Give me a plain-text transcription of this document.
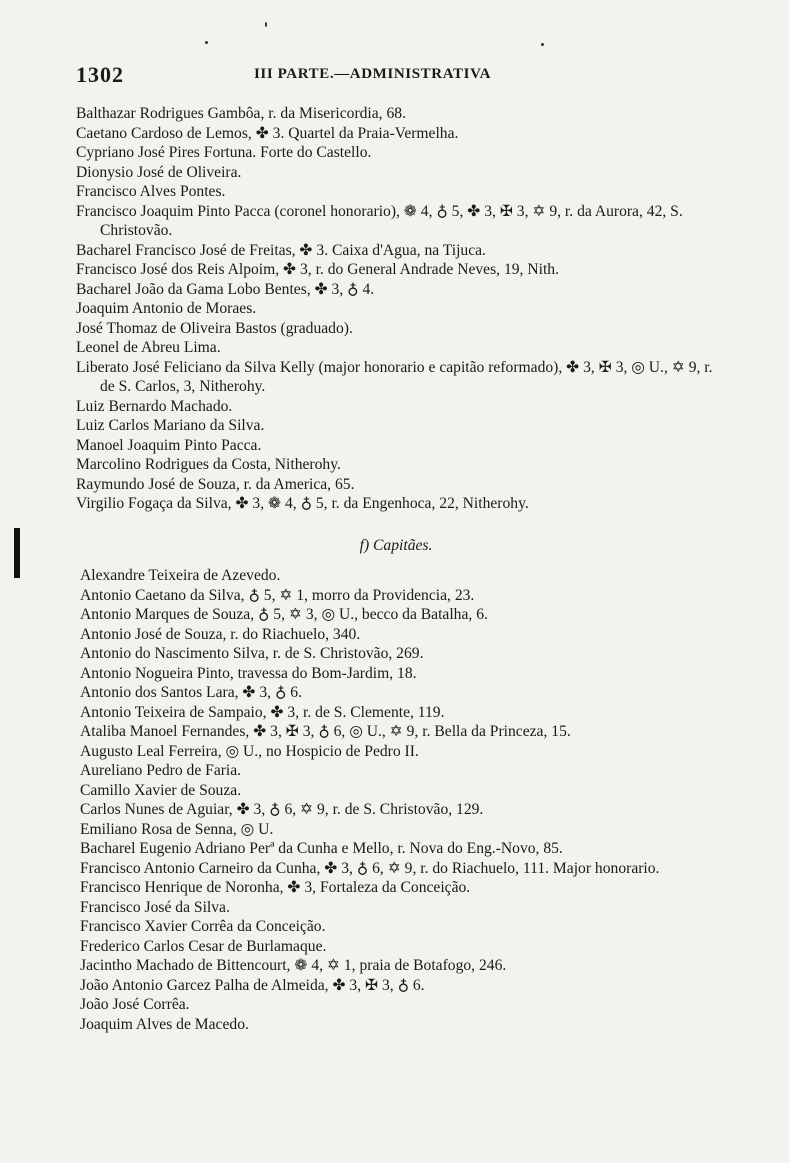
1302	III PARTE.—ADMINISTRATIVA
Balthazar Rodrigues Gambôa, r. da Misericordia, 68.
Caetano Cardoso de Lemos, ✤ 3. Quartel da Praia-Vermelha.
Cypriano José Pires Fortuna. Forte do Castello.
Dionysio José de Oliveira.
Francisco Alves Pontes.
Francisco Joaquim Pinto Pacca (coronel honorario), ❁ 4, ♁ 5, ✤ 3, ✠ 3, ✡ 9, r. da Aurora, 42, S. Christovão.
Bacharel Francisco José de Freitas, ✤ 3. Caixa d'Agua, na Tijuca.
Francisco José dos Reis Alpoim, ✤ 3, r. do General Andrade Neves, 19, Nith.
Bacharel João da Gama Lobo Bentes, ✤ 3, ♁ 4.
Joaquim Antonio de Moraes.
José Thomaz de Oliveira Bastos (graduado).
Leonel de Abreu Lima.
Liberato José Feliciano da Silva Kelly (major honorario e capitão reformado), ✤ 3, ✠ 3, ◎ U., ✡ 9, r. de S. Carlos, 3, Nitherohy.
Luiz Bernardo Machado.
Luiz Carlos Mariano da Silva.
Manoel Joaquim Pinto Pacca.
Marcolino Rodrigues da Costa, Nitherohy.
Raymundo José de Souza, r. da America, 65.
Virgilio Fogaça da Silva, ✤ 3, ❁ 4, ♁ 5, r. da Engenhoca, 22, Nitherohy.
f) Capitães.
Alexandre Teixeira de Azevedo.
Antonio Caetano da Silva, ♁ 5, ✡ 1, morro da Providencia, 23.
Antonio Marques de Souza, ♁ 5, ✡ 3, ◎ U., becco da Batalha, 6.
Antonio José de Souza, r. do Riachuelo, 340.
Antonio do Nascimento Silva, r. de S. Christovão, 269.
Antonio Nogueira Pinto, travessa do Bom-Jardim, 18.
Antonio dos Santos Lara, ✤ 3, ♁ 6.
Antonio Teixeira de Sampaio, ✤ 3, r. de S. Clemente, 119.
Ataliba Manoel Fernandes, ✤ 3, ✠ 3, ♁ 6, ◎ U., ✡ 9, r. Bella da Princeza, 15.
Augusto Leal Ferreira, ◎ U., no Hospicio de Pedro II.
Aureliano Pedro de Faria.
Camillo Xavier de Souza.
Carlos Nunes de Aguiar, ✤ 3, ♁ 6, ✡ 9, r. de S. Christovão, 129.
Emiliano Rosa de Senna, ◎ U.
Bacharel Eugenio Adriano Perª da Cunha e Mello, r. Nova do Eng.-Novo, 85.
Francisco Antonio Carneiro da Cunha, ✤ 3, ♁ 6, ✡ 9, r. do Riachuelo, 111. Major honorario.
Francisco Henrique de Noronha, ✤ 3, Fortaleza da Conceição.
Francisco José da Silva.
Francisco Xavier Corrêa da Conceição.
Frederico Carlos Cesar de Burlamaque.
Jacintho Machado de Bittencourt, ❁ 4, ✡ 1, praia de Botafogo, 246.
João Antonio Garcez Palha de Almeida, ✤ 3, ✠ 3, ♁ 6.
João José Corrêa.
Joaquim Alves de Macedo.
